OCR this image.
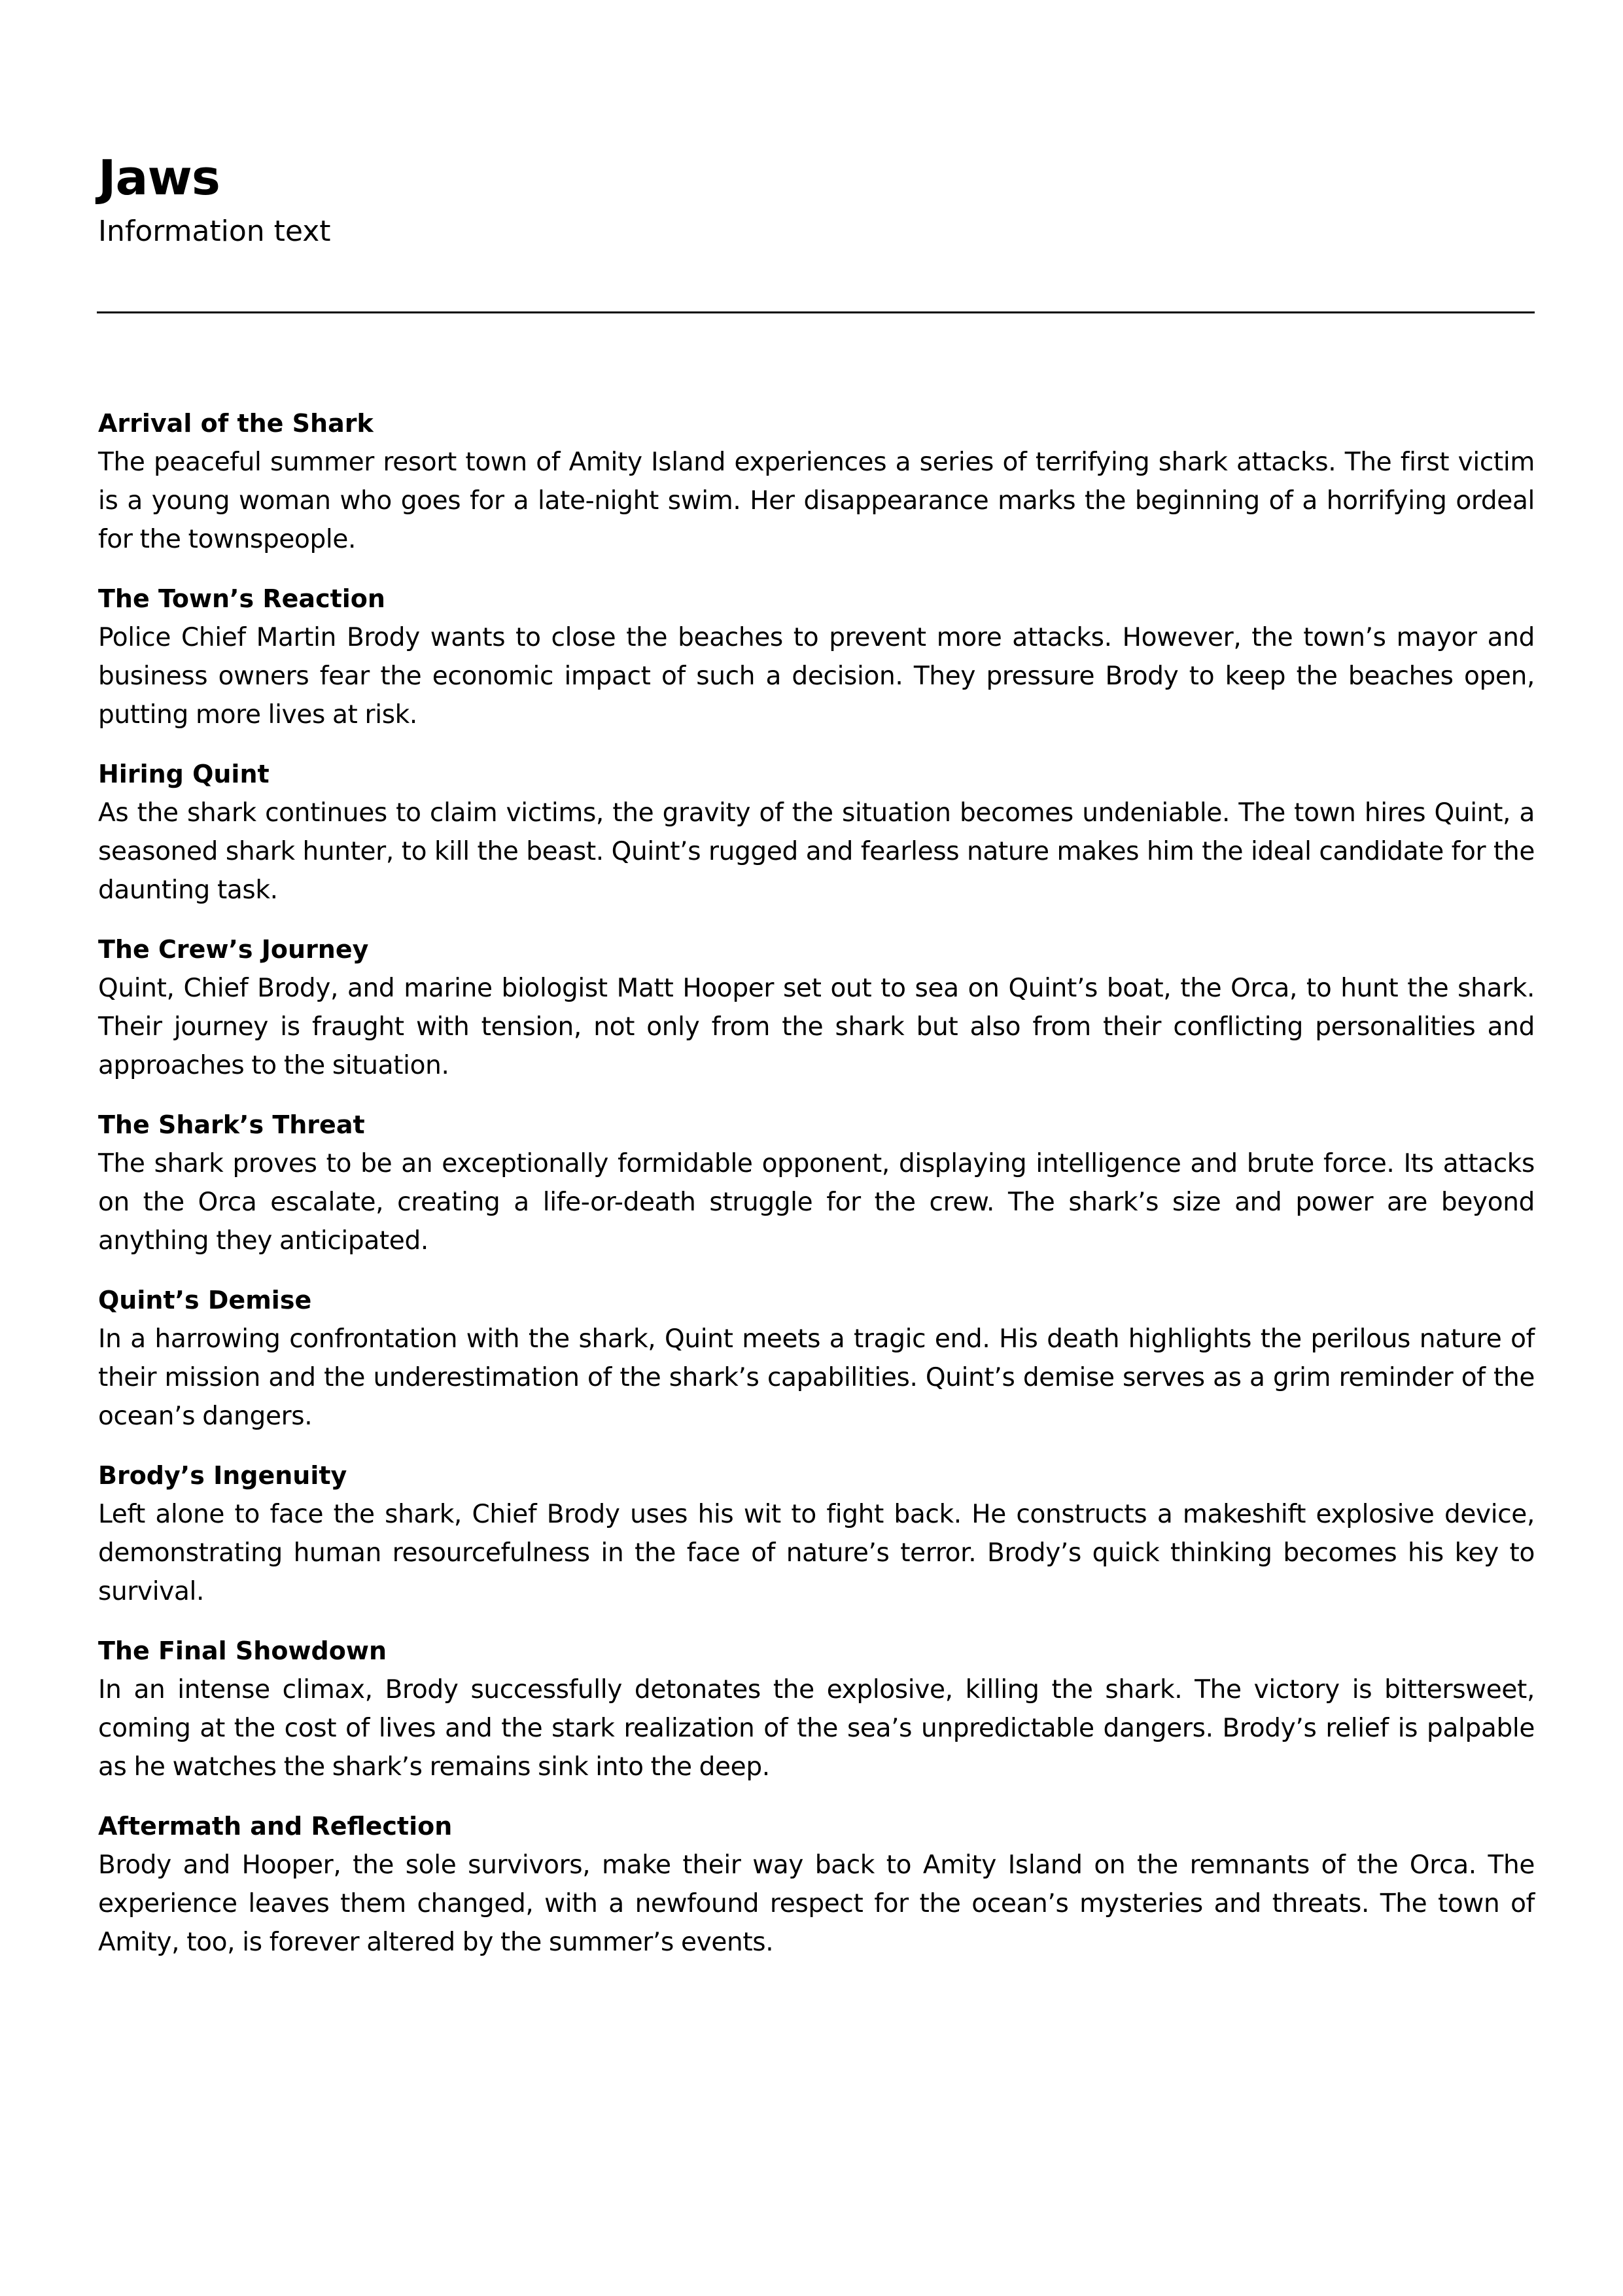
Jaws

Information text

Arrival of the Shark

The peaceful summer resort town of Amity Island experiences a series of terrifying shark attacks. The first victim is a young woman who goes for a late-night swim. Her disappearance marks the beginning of a horrifying ordeal for the townspeople.

The Town’s Reaction

Police Chief Martin Brody wants to close the beaches to prevent more attacks. However, the town’s mayor and business owners fear the economic impact of such a decision. They pressure Brody to keep the beaches open, putting more lives at risk.

Hiring Quint

As the shark continues to claim victims, the gravity of the situation becomes undeniable. The town hires Quint, a seasoned shark hunter, to kill the beast. Quint’s rugged and fearless nature makes him the ideal candidate for the daunting task.

The Crew’s Journey

Quint, Chief Brody, and marine biologist Matt Hooper set out to sea on Quint’s boat, the Orca, to hunt the shark. Their journey is fraught with tension, not only from the shark but also from their conflicting personalities and approaches to the situation.

The Shark’s Threat

The shark proves to be an exceptionally formidable opponent, displaying intelligence and brute force. Its attacks on the Orca escalate, creating a life-or-death struggle for the crew. The shark’s size and power are beyond anything they anticipated.

Quint’s Demise

In a harrowing confrontation with the shark, Quint meets a tragic end. His death highlights the perilous nature of their mission and the underestimation of the shark’s capabilities. Quint’s demise serves as a grim reminder of the ocean’s dangers.

Brody’s Ingenuity

Left alone to face the shark, Chief Brody uses his wit to fight back. He constructs a makeshift explosive device, demonstrating human resourcefulness in the face of nature’s terror. Brody’s quick thinking becomes his key to survival.

The Final Showdown

In an intense climax, Brody successfully detonates the explosive, killing the shark. The victory is bittersweet, coming at the cost of lives and the stark realization of the sea’s unpredictable dangers. Brody’s relief is palpable as he watches the shark’s remains sink into the deep.

Aftermath and Reflection

Brody and Hooper, the sole survivors, make their way back to Amity Island on the remnants of the Orca. The experience leaves them changed, with a newfound respect for the ocean’s mysteries and threats. The town of Amity, too, is forever altered by the summer’s events.
